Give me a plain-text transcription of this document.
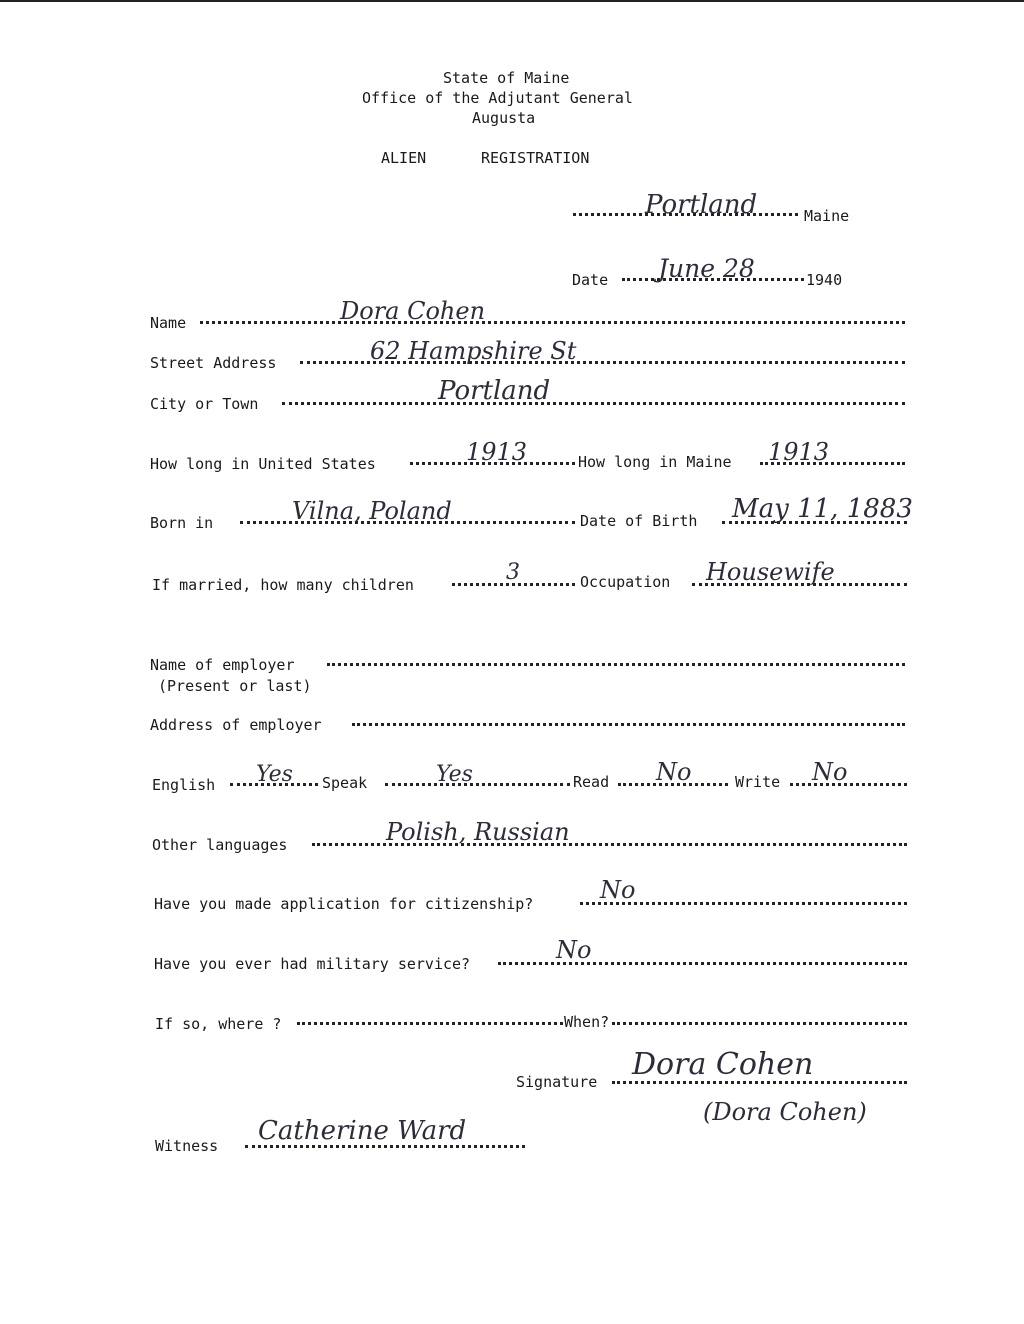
State of Maine
Office of the Adjutant General
Augusta
ALIEN	REGISTRATION
Portland	Maine
Date June 28	1940
Name	Dora Cohen
Street Address	62 Hampshire St
City or Town	Portland
How long in United States	1913	How long in Maine 1913
Born in	Vilna, Poland	Date of Birth May 11, 1883
If married, how many children	3	Occupation Housewife
Name of employer
(Present or last)
Address of employer
English Yes Speak	Yes	Read No	Write No
Other languages	Polish, Russian
Have you made application for citizenship?	No
Have you ever had military service?	No
If so, where ?	When?
Signature Dora Cohen
(Dora Cohen)
Witness Catherine Ward
